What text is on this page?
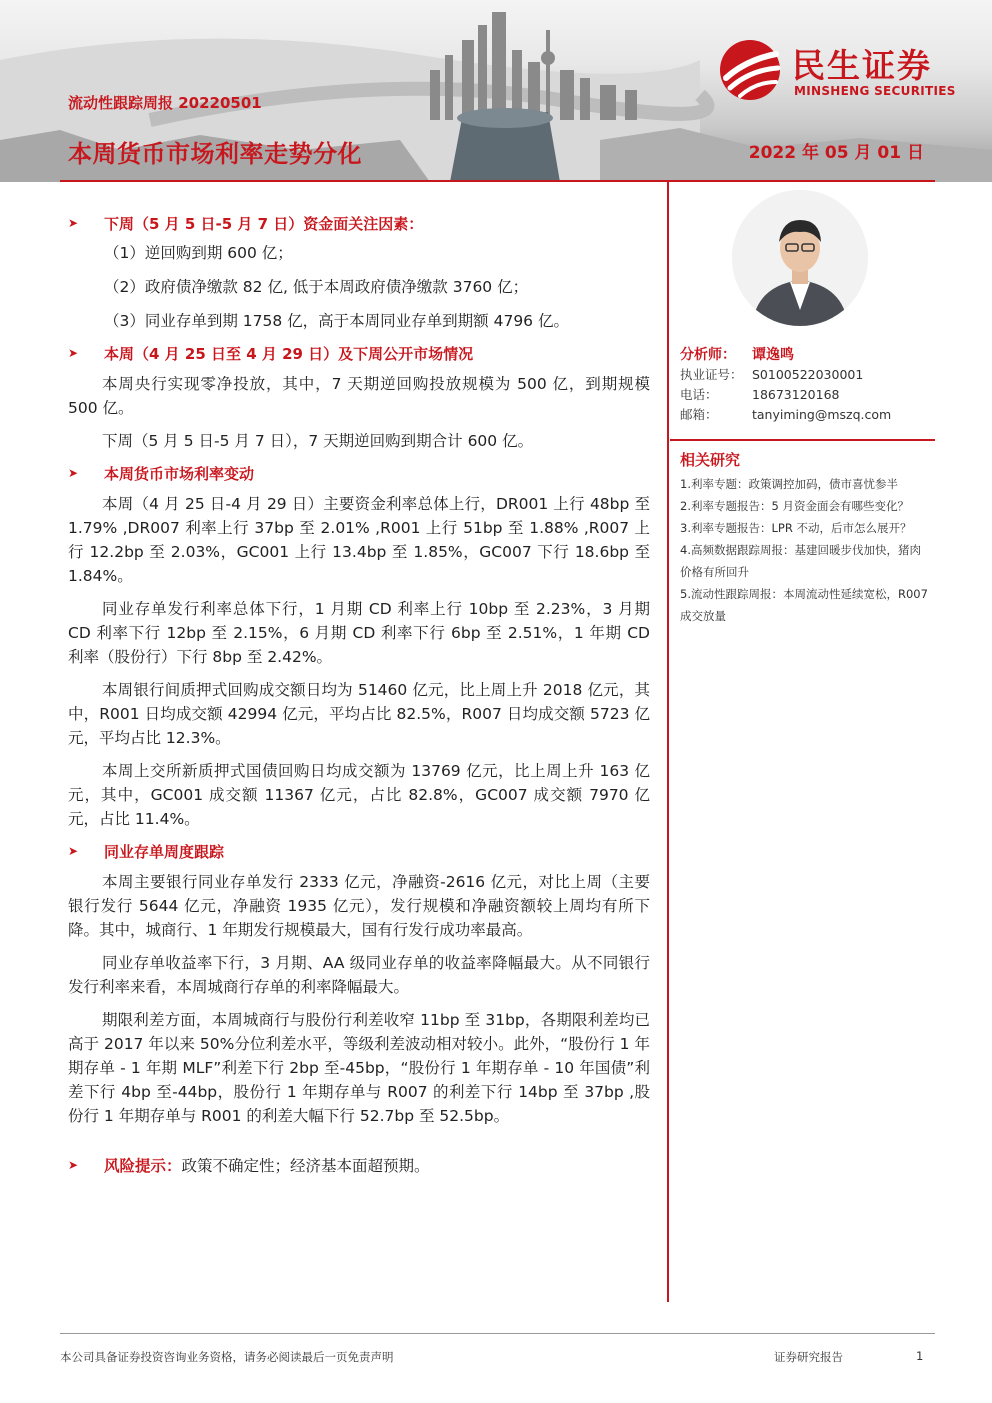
流动性跟踪周报 20220501
本周货币市场利率走势分化	2022 年 05 月 01 日
民生证券
MINSHENG SECURITIES
➤	下周（5 月 5 日-5 月 7 日）资金面关注因素：
（1）逆回购到期 600 亿；
（2）政府债净缴款 82 亿, 低于本周政府债净缴款 3760 亿；
（3）同业存单到期 1758 亿，高于本周同业存单到期额 4796 亿。
➤	本周（4 月 25 日至 4 月 29 日）及下周公开市场情况

本周央行实现零净投放，其中，7 天期逆回购投放规模为 500 亿，到期规模 500 亿。

下周（5 月 5 日-5 月 7 日），7 天期逆回购到期合计 600 亿。

➤	本周货币市场利率变动

本周（4 月 25 日-4 月 29 日）主要资金利率总体上行，DR001 上行 48bp 至 1.79% ,DR007 利率上行 37bp 至 2.01% ,R001 上行 51bp 至 1.88% ,R007 上行 12.2bp 至 2.03%，GC001 上行 13.4bp 至 1.85%，GC007 下行 18.6bp 至 1.84%。

同业存单发行利率总体下行，1 月期 CD 利率上行 10bp 至 2.23%，3 月期 CD 利率下行 12bp 至 2.15%，6 月期 CD 利率下行 6bp 至 2.51%，1 年期 CD 利率（股份行）下行 8bp 至 2.42%。

本周银行间质押式回购成交额日均为 51460 亿元，比上周上升 2018 亿元，其中，R001 日均成交额 42994 亿元，平均占比 82.5%，R007 日均成交额 5723 亿元，平均占比 12.3%。

本周上交所新质押式国债回购日均成交额为 13769 亿元，比上周上升 163 亿元，其中，GC001 成交额 11367 亿元，占比 82.8%，GC007 成交额 7970 亿元，占比 11.4%。

➤	同业存单周度跟踪

本周主要银行同业存单发行 2333 亿元，净融资-2616 亿元，对比上周（主要银行发行 5644 亿元，净融资 1935 亿元），发行规模和净融资额较上周均有所下降。其中，城商行、1 年期发行规模最大，国有行发行成功率最高。

同业存单收益率下行，3 月期、AA 级同业存单的收益率降幅最大。从不同银行发行利率来看，本周城商行存单的利率降幅最大。

期限利差方面，本周城商行与股份行利差收窄 11bp 至 31bp，各期限利差均已高于 2017 年以来 50%分位利差水平，等级利差波动相对较小。此外，“股份行 1 年期存单 - 1 年期 MLF”利差下行 2bp 至-45bp，“股份行 1 年期存单 - 10 年国债”利差下行 4bp 至-44bp，股份行 1 年期存单与 R007 的利差下行 14bp 至 37bp ,股份行 1 年期存单与 R001 的利差大幅下行 52.7bp 至 52.5bp。

➤	风险提示： 政策不确定性；经济基本面超预期。
分析师： 谭逸鸣
执业证号： S0100522030001
电话：	18673120168
邮箱：	tanyiming@mszq.com
相关研究

1.利率专题：政策调控加码，债市喜忧参半

2.利率专题报告：5 月资金面会有哪些变化？

3.利率专题报告：LPR 不动，后市怎么展开？

4.高频数据跟踪周报：基建回暖步伐加快，猪肉价格有所回升

5.流动性跟踪周报：本周流动性延续宽松，R007 成交放量

本公司具备证券投资咨询业务资格，请务必阅读最后一页免责声明	证券研究报告	1
